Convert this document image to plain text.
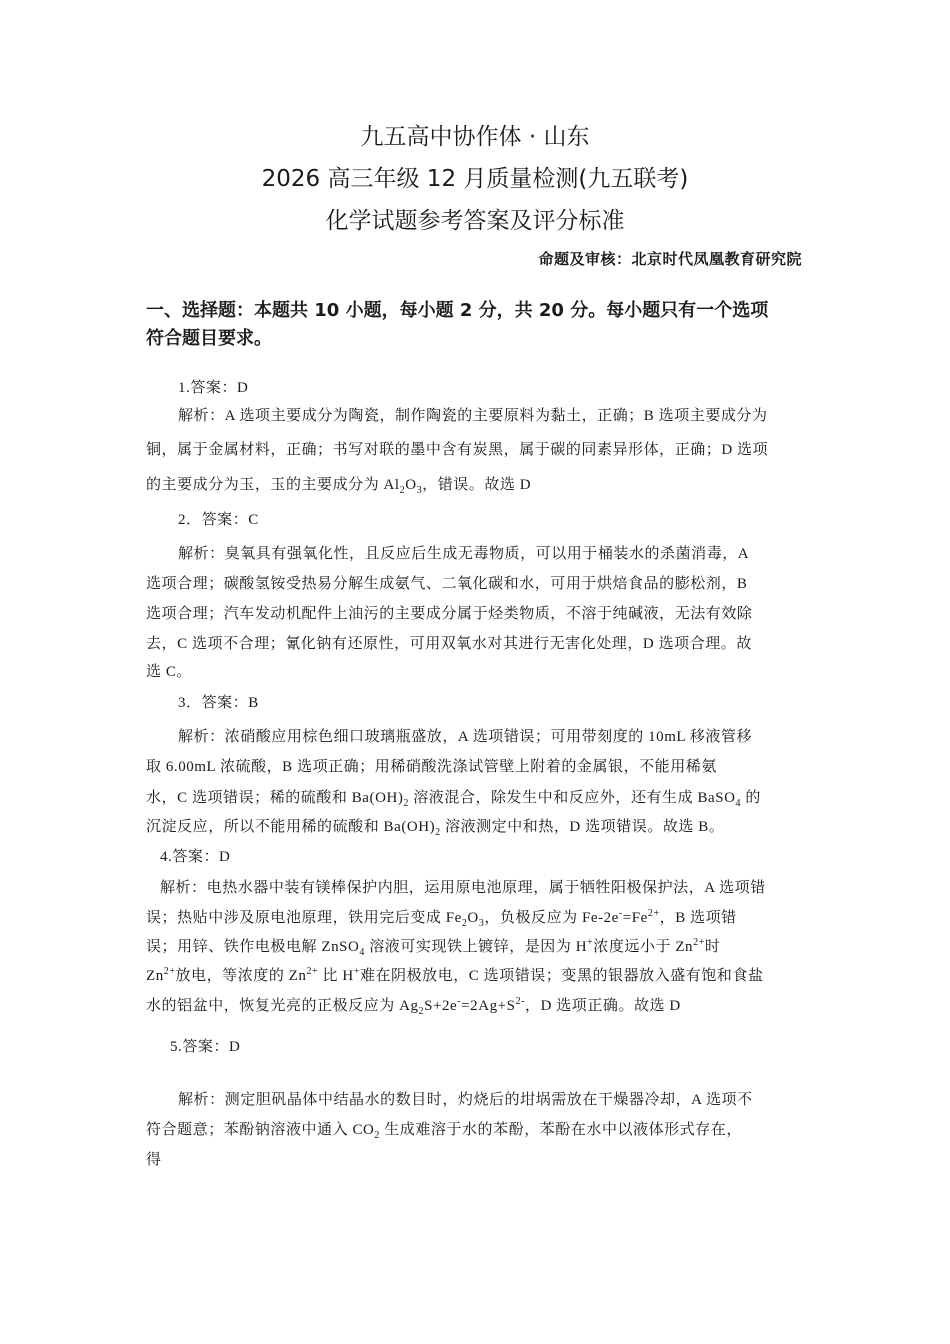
九五高中协作体 · 山东

2026 高三年级 12 月质量检测(九五联考)

化学试题参考答案及评分标准

命题及审核：北京时代凤凰教育研究院

一、选择题：本题共 10 小题，每小题 2 分，共 20 分。每小题只有一个选项

符合题目要求。

1.答案：D

解析：A 选项主要成分为陶瓷，制作陶瓷的主要原料为黏土，正确；B 选项主要成分为

铜，属于金属材料，正确；书写对联的墨中含有炭黑，属于碳的同素异形体，正确；D 选项

的主要成分为玉，玉的主要成分为 $Al_2O_3$，错误。故选 D

2．答案：C

解析：臭氧具有强氧化性，且反应后生成无毒物质，可以用于桶装水的杀菌消毒，A

选项合理；碳酸氢铵受热易分解生成氨气、二氧化碳和水，可用于烘焙食品的膨松剂，B

选项合理；汽车发动机配件上油污的主要成分属于烃类物质，不溶于纯碱液，无法有效除

去，C 选项不合理；氰化钠有还原性，可用双氧水对其进行无害化处理，D 选项合理。故

选 C。

3．答案：B

解析：浓硝酸应用棕色细口玻璃瓶盛放，A 选项错误；可用带刻度的 10mL 移液管移

取 6.00mL 浓硫酸，B 选项正确；用稀硝酸洗涤试管壁上附着的金属银，不能用稀氨

水，C 选项错误；稀的硫酸和 $Ba(OH)_2$ 溶液混合，除发生中和反应外，还有生成 BaSO$_4$ 的

沉淀反应，所以不能用稀的硫酸和 $Ba(OH)_2$ 溶液测定中和热，D 选项错误。故选 B。

4.答案：D

解析：电热水器中装有镁棒保护内胆，运用原电池原理，属于牺牲阳极保护法，A 选项错

误；热贴中涉及原电池原理，铁用完后变成 $Fe_2O_3$，负极反应为 $Fe-2e^-=Fe^{2+}$，B 选项错

误；用锌、铁作电极电解 ZnSO$_4$ 溶液可实现铁上镀锌，是因为 H+浓度远小于 $Zn^{2+}$时

$Zn^{2+}$放电，等浓度的 $Zn^{2+}$ 比 H+难在阴极放电，C 选项错误；变黑的银器放入盛有饱和食盐

水的铝盆中，恢复光亮的正极反应为 $Ag_2S+2e^-=2Ag+S^{2-}$，D 选项正确。故选 D

5.答案：D

解析：测定胆矾晶体中结晶水的数目时，灼烧后的坩埚需放在干燥器冷却，A 选项不

符合题意；苯酚钠溶液中通入 $CO_2$ 生成难溶于水的苯酚，苯酚在水中以液体形式存在，

得
